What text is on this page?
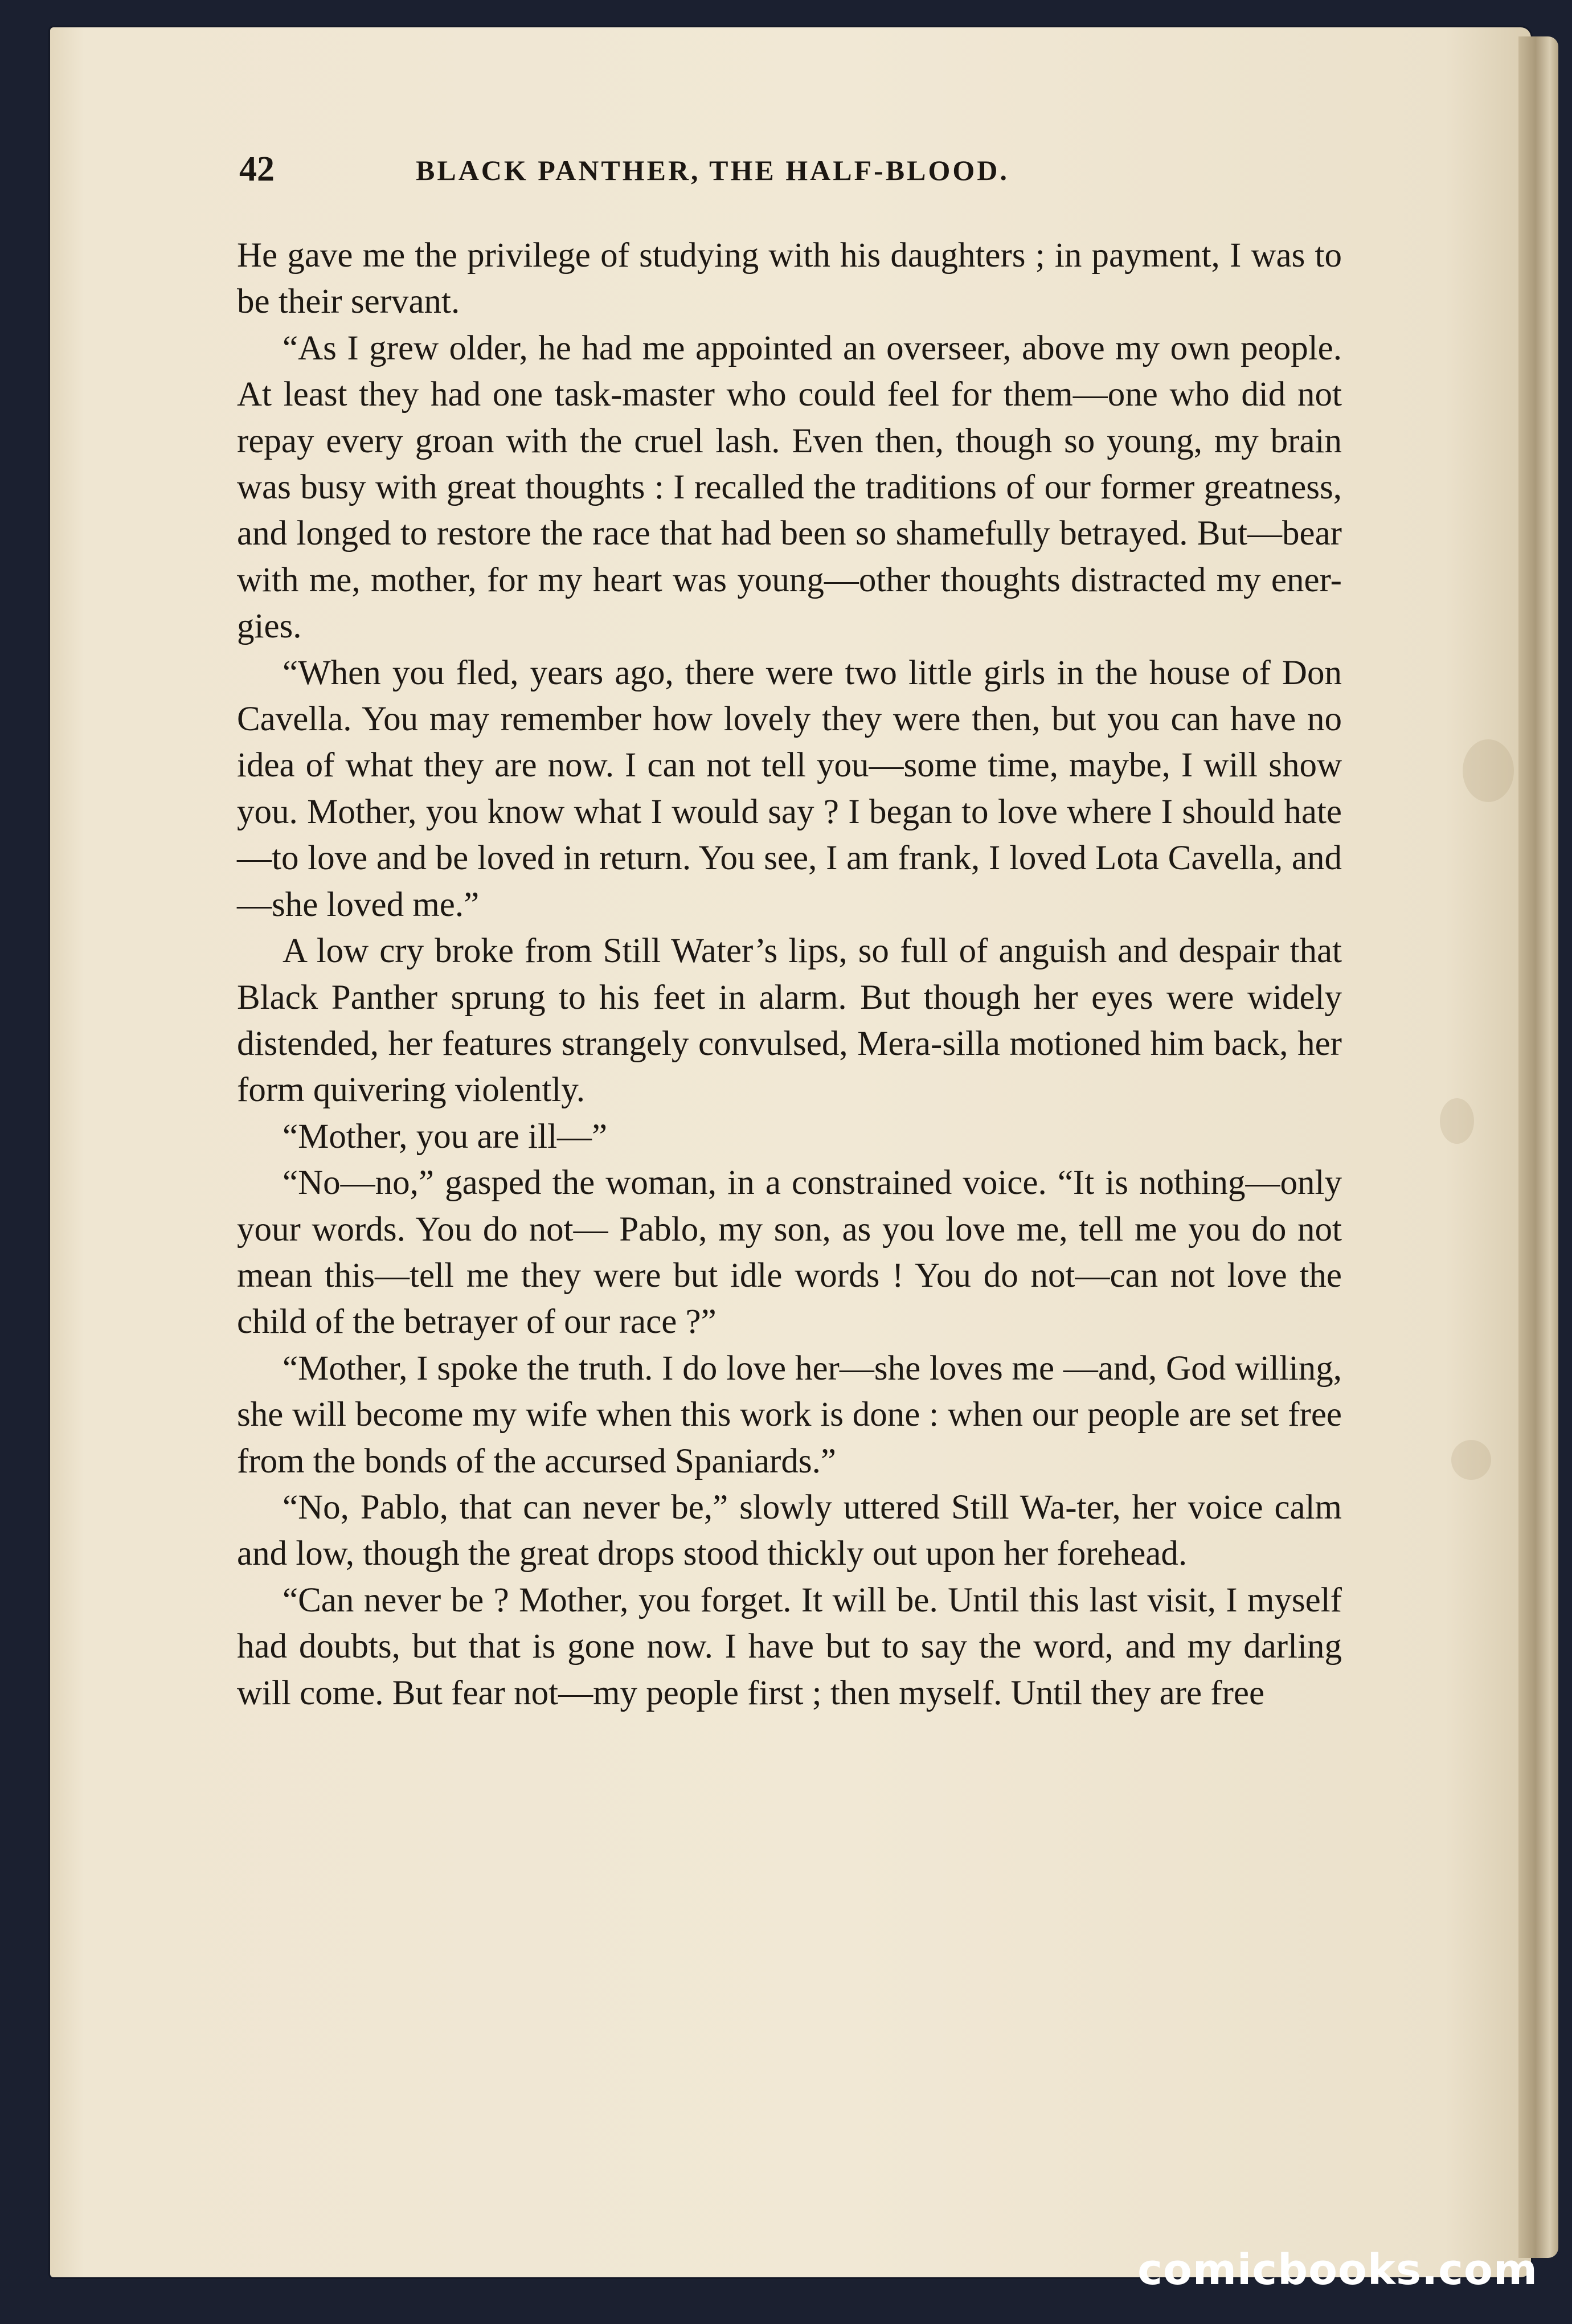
42	BLACK PANTHER, THE HALF-BLOOD.

He gave me the privilege of studying with his daughters ; in payment, I was to be their servant.

“As I grew older, he had me appointed an overseer, above my own people. At least they had one task-master who could feel for them—one who did not repay every groan with the cruel lash. Even then, though so young, my brain was busy with great thoughts : I recalled the traditions of our former greatness, and longed to restore the race that had been so shamefully betrayed. But—bear with me, mother, for my heart was young—other thoughts distracted my ener-gies.

“When you fled, years ago, there were two little girls in the house of Don Cavella. You may remember how lovely they were then, but you can have no idea of what they are now. I can not tell you—some time, maybe, I will show you. Mother, you know what I would say ? I began to love where I should hate—to love and be loved in return. You see, I am frank, I loved Lota Cavella, and—she loved me.”

A low cry broke from Still Water’s lips, so full of anguish and despair that Black Panther sprung to his feet in alarm. But though her eyes were widely distended, her features strangely convulsed, Mera-silla motioned him back, her form quivering violently.

“Mother, you are ill—”

“No—no,” gasped the woman, in a constrained voice. “It is nothing—only your words. You do not— Pablo, my son, as you love me, tell me you do not mean this—tell me they were but idle words ! You do not—can not love the child of the betrayer of our race ?”

“Mother, I spoke the truth. I do love her—she loves me —and, God willing, she will become my wife when this work is done : when our people are set free from the bonds of the accursed Spaniards.”

“No, Pablo, that can never be,” slowly uttered Still Wa-ter, her voice calm and low, though the great drops stood thickly out upon her forehead.

“Can never be ? Mother, you forget. It will be. Until this last visit, I myself had doubts, but that is gone now. I have but to say the word, and my darling will come. But fear not—my people first ; then myself. Until they are free

comicbooks.com
